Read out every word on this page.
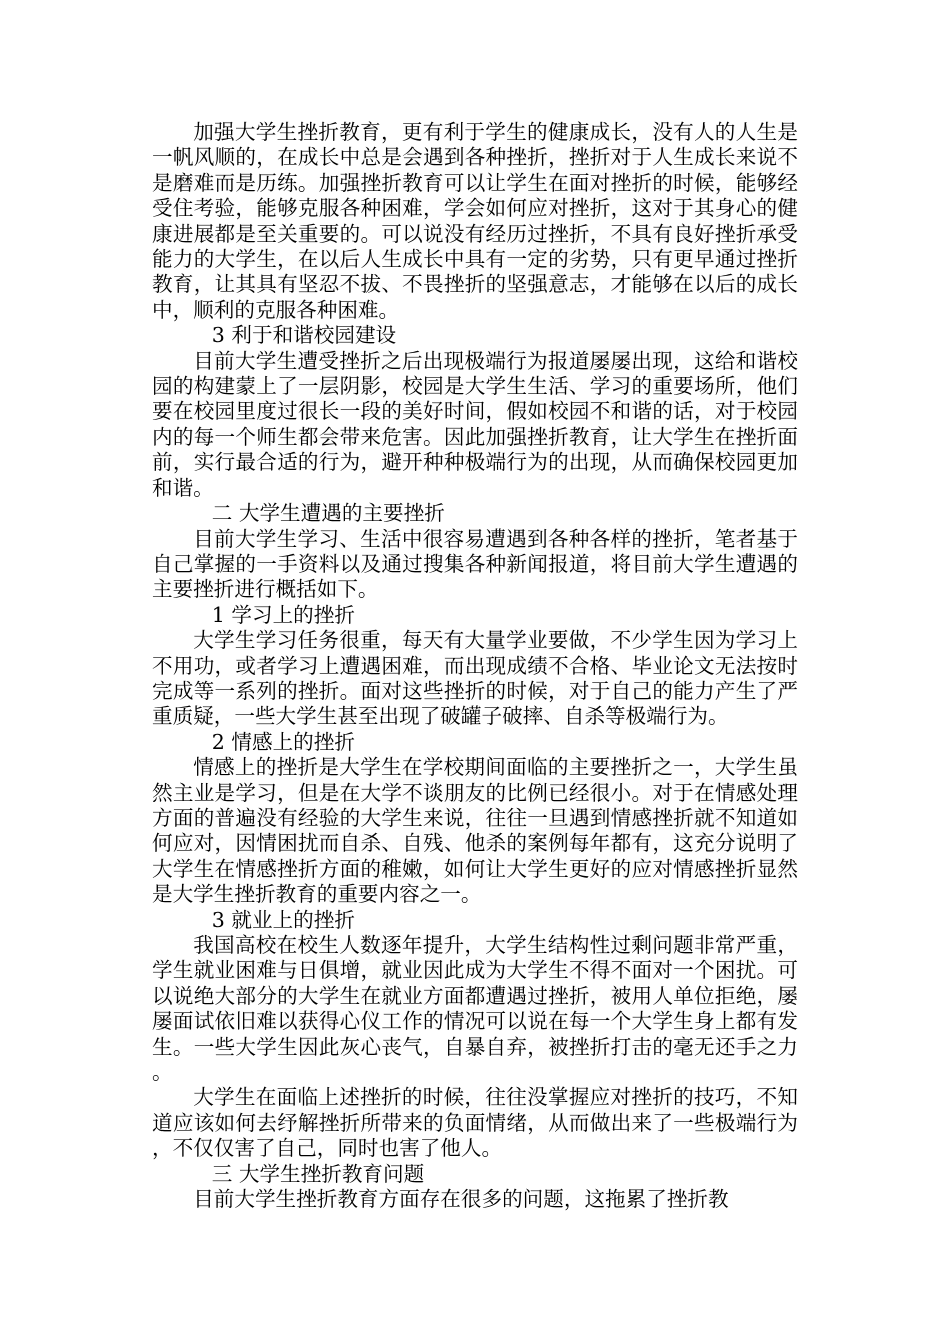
加强大学生挫折教育，更有利于学生的健康成长，没有人的人生是一帆风顺的，在成长中总是会遇到各种挫折，挫折对于人生成长来说不是磨难而是历练。加强挫折教育可以让学生在面对挫折的时候，能够经受住考验，能够克服各种困难，学会如何应对挫折，这对于其身心的健康进展都是至关重要的。可以说没有经历过挫折，不具有良好挫折承受能力的大学生，在以后人生成长中具有一定的劣势，只有更早通过挫折教育，让其具有坚忍不拔、不畏挫折的坚强意志，才能够在以后的成长中，顺利的克服各种困难。

3 利于和谐校园建设

目前大学生遭受挫折之后出现极端行为报道屡屡出现，这给和谐校园的构建蒙上了一层阴影，校园是大学生生活、学习的重要场所，他们要在校园里度过很长一段的美好时间，假如校园不和谐的话，对于校园内的每一个师生都会带来危害。因此加强挫折教育，让大学生在挫折面前，实行最合适的行为，避开种种极端行为的出现，从而确保校园更加和谐。

二 大学生遭遇的主要挫折

目前大学生学习、生活中很容易遭遇到各种各样的挫折，笔者基于自己掌握的一手资料以及通过搜集各种新闻报道，将目前大学生遭遇的主要挫折进行概括如下。

1 学习上的挫折

大学生学习任务很重，每天有大量学业要做，不少学生因为学习上不用功，或者学习上遭遇困难，而出现成绩不合格、毕业论文无法按时完成等一系列的挫折。面对这些挫折的时候，对于自己的能力产生了严重质疑，一些大学生甚至出现了破罐子破摔、自杀等极端行为。

2 情感上的挫折

情感上的挫折是大学生在学校期间面临的主要挫折之一，大学生虽然主业是学习，但是在大学不谈朋友的比例已经很小。对于在情感处理方面的普遍没有经验的大学生来说，往往一旦遇到情感挫折就不知道如何应对，因情困扰而自杀、自残、他杀的案例每年都有，这充分说明了大学生在情感挫折方面的稚嫩，如何让大学生更好的应对情感挫折显然是大学生挫折教育的重要内容之一。

3 就业上的挫折

我国高校在校生人数逐年提升，大学生结构性过剩问题非常严重，学生就业困难与日俱增，就业因此成为大学生不得不面对一个困扰。可以说绝大部分的大学生在就业方面都遭遇过挫折，被用人单位拒绝，屡屡面试依旧难以获得心仪工作的情况可以说在每一个大学生身上都有发生。一些大学生因此灰心丧气，自暴自弃，被挫折打击的毫无还手之力。

大学生在面临上述挫折的时候，往往没掌握应对挫折的技巧，不知道应该如何去纾解挫折所带来的负面情绪，从而做出来了一些极端行为，不仅仅害了自己，同时也害了他人。

三 大学生挫折教育问题

目前大学生挫折教育方面存在很多的问题，这拖累了挫折教
